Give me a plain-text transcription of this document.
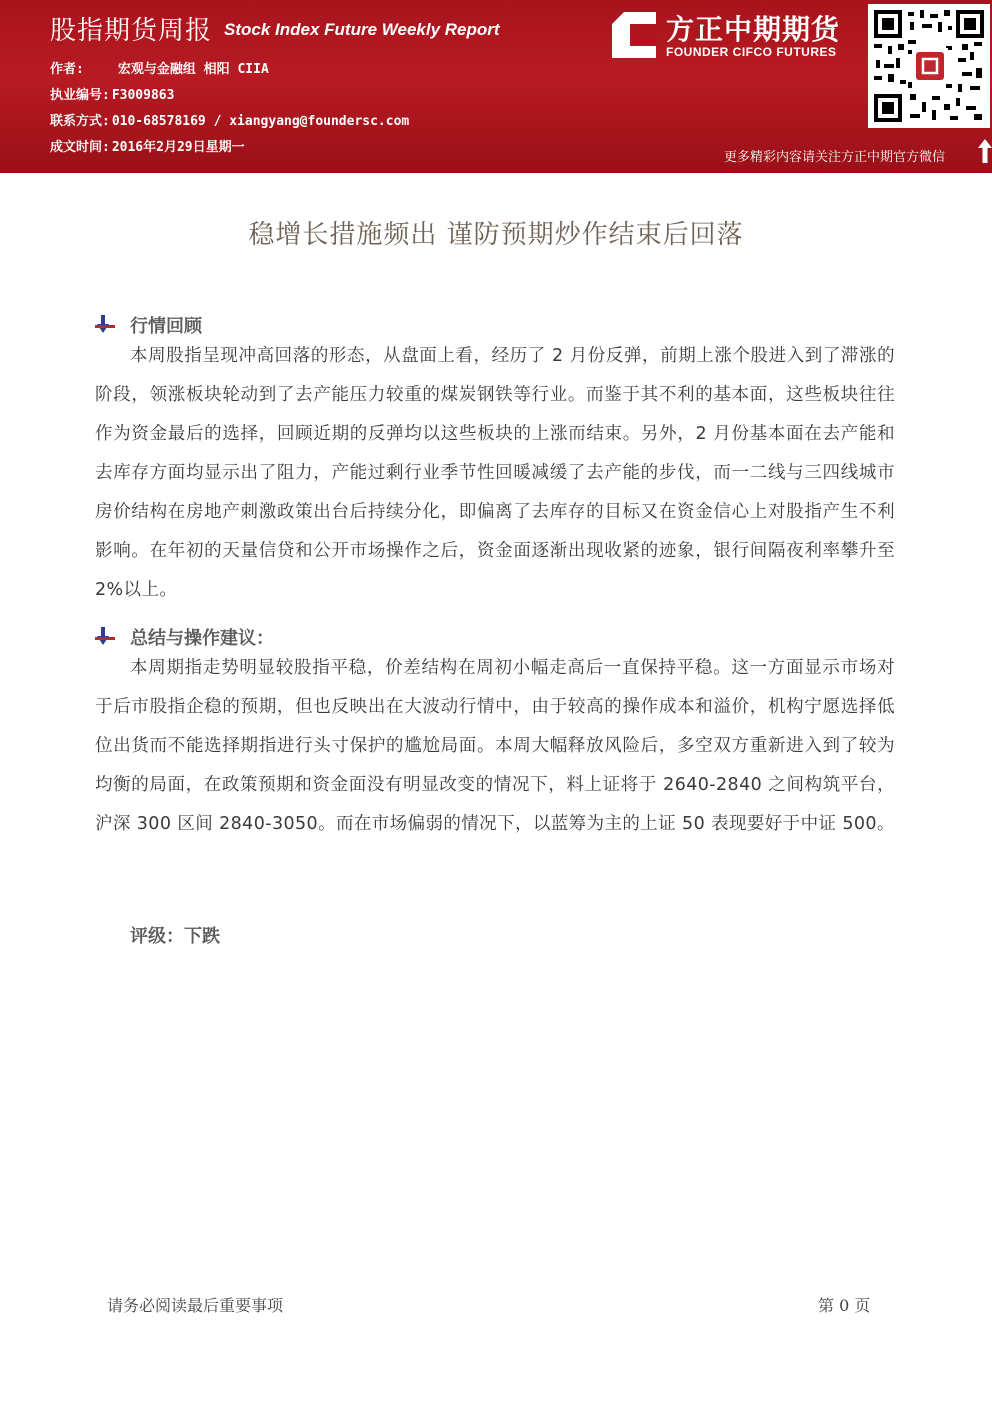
股指期货周报 Stock Index Future Weekly Report
作者:	宏观与金融组 相阳 CIIA
执业编号: F3009863
联系方式: 010-68578169 / xiangyang@foundersc.com
成文时间: 2016年2月29日星期一
方正中期期货
FOUNDER CIFCO FUTURES
更多精彩内容请关注方正中期官方微信
稳增长措施频出 谨防预期炒作结束后回落
行情回顾
本周股指呈现冲高回落的形态，从盘面上看，经历了 2 月份反弹，前期上涨个股进入到了滞涨的阶段，领涨板块轮动到了去产能压力较重的煤炭钢铁等行业。而鉴于其不利的基本面，这些板块往往作为资金最后的选择，回顾近期的反弹均以这些板块的上涨而结束。另外，2 月份基本面在去产能和去库存方面均显示出了阻力，产能过剩行业季节性回暖减缓了去产能的步伐，而一二线与三四线城市房价结构在房地产刺激政策出台后持续分化，即偏离了去库存的目标又在资金信心上对股指产生不利影响。在年初的天量信贷和公开市场操作之后，资金面逐渐出现收紧的迹象，银行间隔夜利率攀升至 2%以上。
总结与操作建议：
本周期指走势明显较股指平稳，价差结构在周初小幅走高后一直保持平稳。这一方面显示市场对于后市股指企稳的预期，但也反映出在大波动行情中，由于较高的操作成本和溢价，机构宁愿选择低位出货而不能选择期指进行头寸保护的尴尬局面。本周大幅释放风险后，多空双方重新进入到了较为均衡的局面，在政策预期和资金面没有明显改变的情况下，料上证将于 2640-2840 之间构筑平台，沪深 300 区间 2840-3050。而在市场偏弱的情况下，以蓝筹为主的上证 50 表现要好于中证 500。
评级：下跌
请务必阅读最后重要事项	第 0 页
